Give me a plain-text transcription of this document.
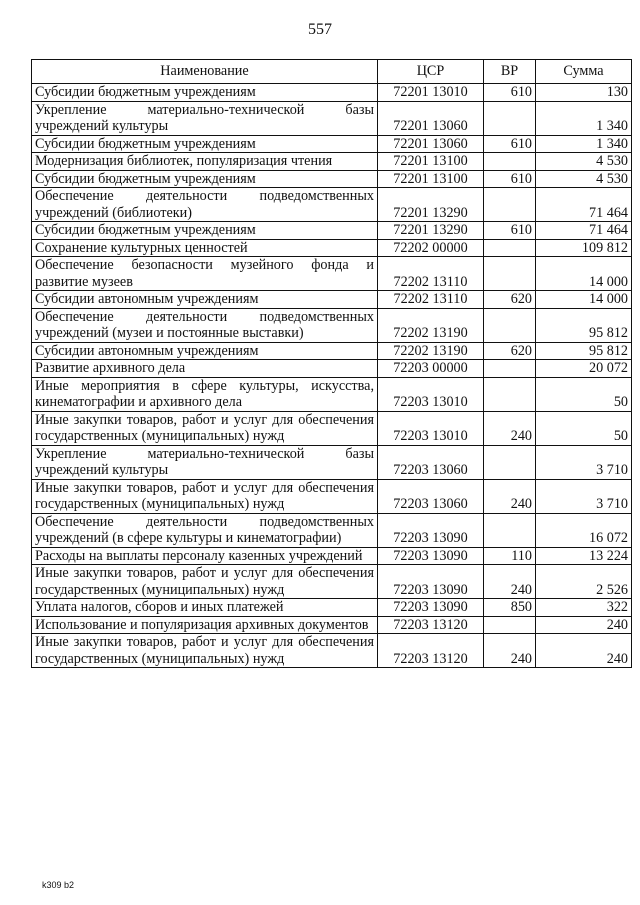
557
Наименование	ЦСР	ВР	Сумма
Субсидии бюджетным учреждениям	72201 13010	610	130
Укрепление материально-технической базы учреждений культуры	72201 13060		1 340
Субсидии бюджетным учреждениям	72201 13060	610	1 340
Модернизация библиотек, популяризация чтения	72201 13100		4 530
Субсидии бюджетным учреждениям	72201 13100	610	4 530
Обеспечение деятельности подведомственных учреждений (библиотеки)	72201 13290		71 464
Субсидии бюджетным учреждениям	72201 13290	610	71 464
Сохранение культурных ценностей	72202 00000		109 812
Обеспечение безопасности музейного фонда и развитие музеев	72202 13110		14 000
Субсидии автономным учреждениям	72202 13110	620	14 000
Обеспечение деятельности подведомственных учреждений (музеи и постоянные выставки)	72202 13190		95 812
Субсидии автономным учреждениям	72202 13190	620	95 812
Развитие архивного дела	72203 00000		20 072
Иные мероприятия в сфере культуры, искусства, кинематографии и архивного дела	72203 13010		50
Иные закупки товаров, работ и услуг для обеспечения государственных (муниципальных) нужд	72203 13010	240	50
Укрепление материально-технической базы учреждений культуры	72203 13060		3 710
Иные закупки товаров, работ и услуг для обеспечения государственных (муниципальных) нужд	72203 13060	240	3 710
Обеспечение деятельности подведомственных учреждений (в сфере культуры и кинематографии)	72203 13090		16 072
Расходы на выплаты персоналу казенных учреждений	72203 13090	110	13 224
Иные закупки товаров, работ и услуг для обеспечения государственных (муниципальных) нужд	72203 13090	240	2 526
Уплата налогов, сборов и иных платежей	72203 13090	850	322
Использование и популяризация архивных документов	72203 13120		240
Иные закупки товаров, работ и услуг для обеспечения государственных (муниципальных) нужд	72203 13120	240	240
k309 b2
